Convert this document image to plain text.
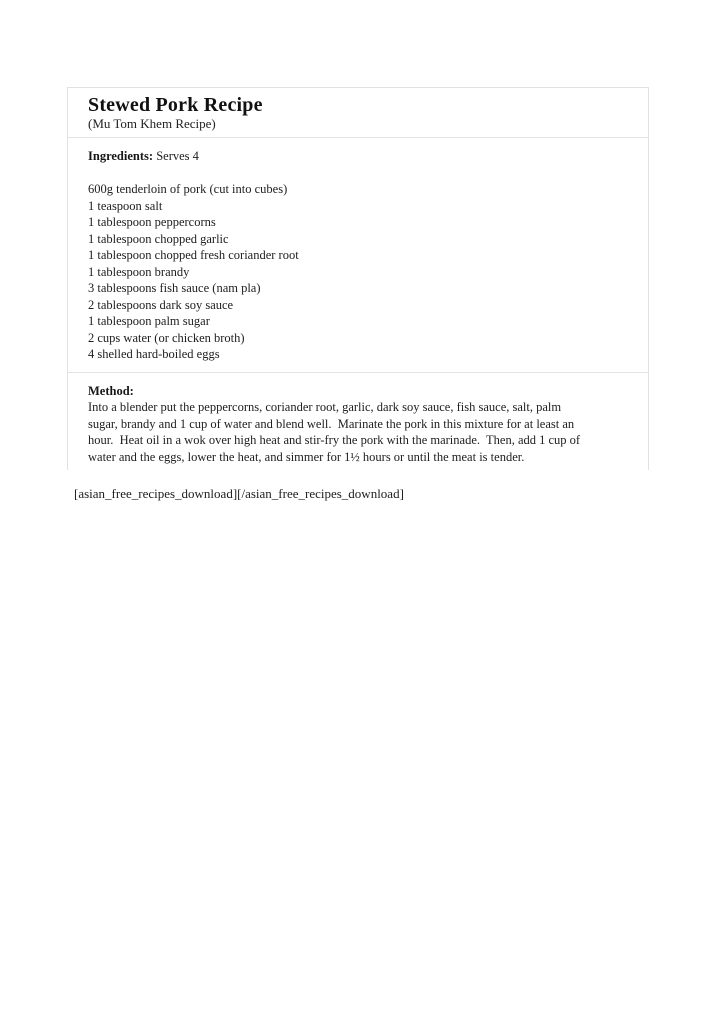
Stewed Pork Recipe
(Mu Tom Khem Recipe)
Ingredients: Serves 4
600g tenderloin of pork (cut into cubes)
1 teaspoon salt
1 tablespoon peppercorns
1 tablespoon chopped garlic
1 tablespoon chopped fresh coriander root
1 tablespoon brandy
3 tablespoons fish sauce (nam pla)
2 tablespoons dark soy sauce
1 tablespoon palm sugar
2 cups water (or chicken broth)
4 shelled hard-boiled eggs
Method:
Into a blender put the peppercorns, coriander root, garlic, dark soy sauce, fish sauce, salt, palm
sugar, brandy and 1 cup of water and blend well.  Marinate the pork in this mixture for at least an
hour.  Heat oil in a wok over high heat and stir-fry the pork with the marinade.  Then, add 1 cup of
water and the eggs, lower the heat, and simmer for 1½ hours or until the meat is tender.
[asian_free_recipes_download][/asian_free_recipes_download]
